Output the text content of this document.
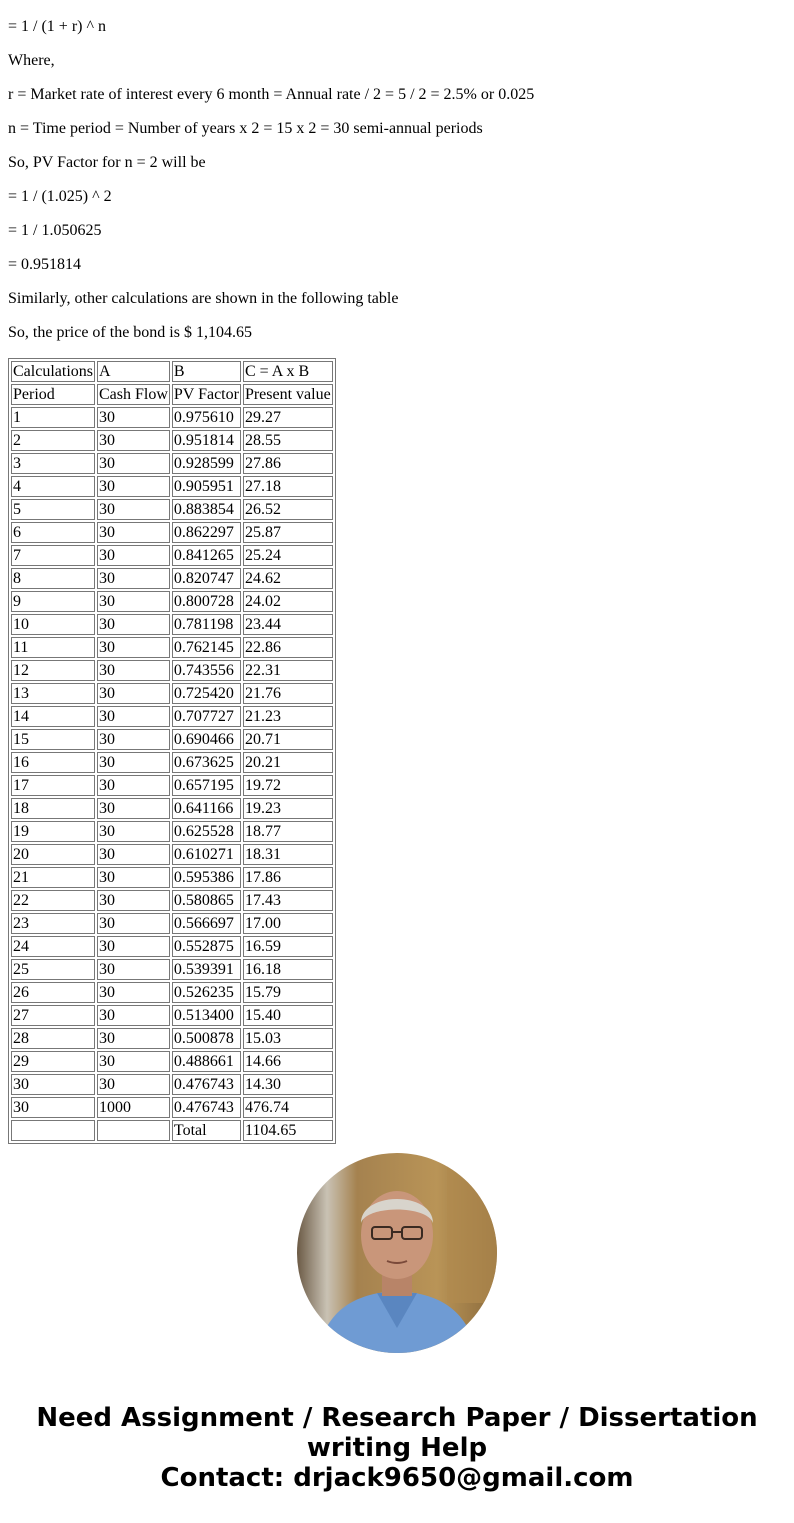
= 1 / (1 + r) ^ n

Where,

r = Market rate of interest every 6 month = Annual rate / 2 = 5 / 2 = 2.5% or 0.025

n = Time period = Number of years x 2 = 15 x 2 = 30 semi-annual periods

So, PV Factor for n = 2 will be

= 1 / (1.025) ^ 2

= 1 / 1.050625

= 0.951814

Similarly, other calculations are shown in the following table

So, the price of the bond is $ 1,104.65

Calculations	A	B	C = A x B
Period	Cash Flow	PV Factor	Present value
1	30	0.975610	29.27
2	30	0.951814	28.55
3	30	0.928599	27.86
4	30	0.905951	27.18
5	30	0.883854	26.52
6	30	0.862297	25.87
7	30	0.841265	25.24
8	30	0.820747	24.62
9	30	0.800728	24.02
10	30	0.781198	23.44
11	30	0.762145	22.86
12	30	0.743556	22.31
13	30	0.725420	21.76
14	30	0.707727	21.23
15	30	0.690466	20.71
16	30	0.673625	20.21
17	30	0.657195	19.72
18	30	0.641166	19.23
19	30	0.625528	18.77
20	30	0.610271	18.31
21	30	0.595386	17.86
22	30	0.580865	17.43
23	30	0.566697	17.00
24	30	0.552875	16.59
25	30	0.539391	16.18
26	30	0.526235	15.79
27	30	0.513400	15.40
28	30	0.500878	15.03
29	30	0.488661	14.66
30	30	0.476743	14.30
30	1000	0.476743	476.74
		Total	1104.65
Need Assignment / Research Paper / Dissertation
writing Help
Contact: drjack9650@gmail.com
